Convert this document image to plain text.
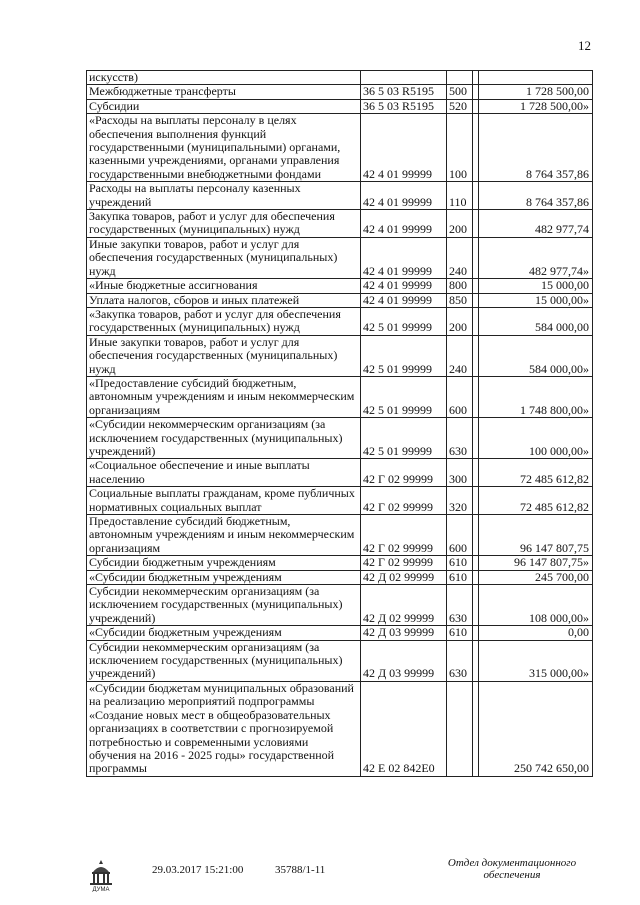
12
искусств)				
Межбюджетные трансферты	36 5 03 R5195	500		1 728 500,00
Субсидии	36 5 03 R5195	520		1 728 500,00»
«Расходы на выплаты персоналу в целях обеспечения выполнения функций государственными (муниципальными) органами, казенными учреждениями, органами управления государственными внебюджетными фондами	42 4 01 99999	100		8 764 357,86
Расходы на выплаты персоналу казенных учреждений	42 4 01 99999	110		8 764 357,86
Закупка товаров, работ и услуг для обеспечения государственных (муниципальных) нужд	42 4 01 99999	200		482 977,74
Иные закупки товаров, работ и услуг для обеспечения государственных (муниципальных) нужд	42 4 01 99999	240		482 977,74»
«Иные бюджетные ассигнования	42 4 01 99999	800		15 000,00
Уплата налогов, сборов и иных платежей	42 4 01 99999	850		15 000,00»
«Закупка товаров, работ и услуг для обеспечения государственных (муниципальных) нужд	42 5 01 99999	200		584 000,00
Иные закупки товаров, работ и услуг для обеспечения государственных (муниципальных) нужд	42 5 01 99999	240		584 000,00»
«Предоставление субсидий бюджетным, автономным учреждениям и иным некоммерческим организациям	42 5 01 99999	600		1 748 800,00»
«Субсидии некоммерческим организациям (за исключением государственных (муниципальных) учреждений)	42 5 01 99999	630		100 000,00»
«Социальное обеспечение и иные выплаты населению	42 Г 02 99999	300		72 485 612,82
Социальные выплаты гражданам, кроме публичных нормативных социальных выплат	42 Г 02 99999	320		72 485 612,82
Предоставление субсидий бюджетным, автономным учреждениям и иным некоммерческим организациям	42 Г 02 99999	600		96 147 807,75
Субсидии бюджетным учреждениям	42 Г 02 99999	610		96 147 807,75»
«Субсидии бюджетным учреждениям	42 Д 02 99999	610		245 700,00
Субсидии некоммерческим организациям (за исключением государственных (муниципальных) учреждений)	42 Д 02 99999	630		108 000,00»
«Субсидии бюджетным учреждениям	42 Д 03 99999	610		0,00
Субсидии некоммерческим организациям (за исключением государственных (муниципальных) учреждений)	42 Д 03 99999	630		315 000,00»
«Субсидии бюджетам муниципальных образований на реализацию мероприятий подпрограммы «Создание новых мест в общеобразовательных организациях в соответствии с прогнозируемой потребностью и современными условиями обучения на 2016 - 2025 годы» государственной программы	42 Е 02 842Е0			250 742 650,00
ДУМА
29.03.2017 15:21:00	35788/1-11
Отдел документационного обеспечения
